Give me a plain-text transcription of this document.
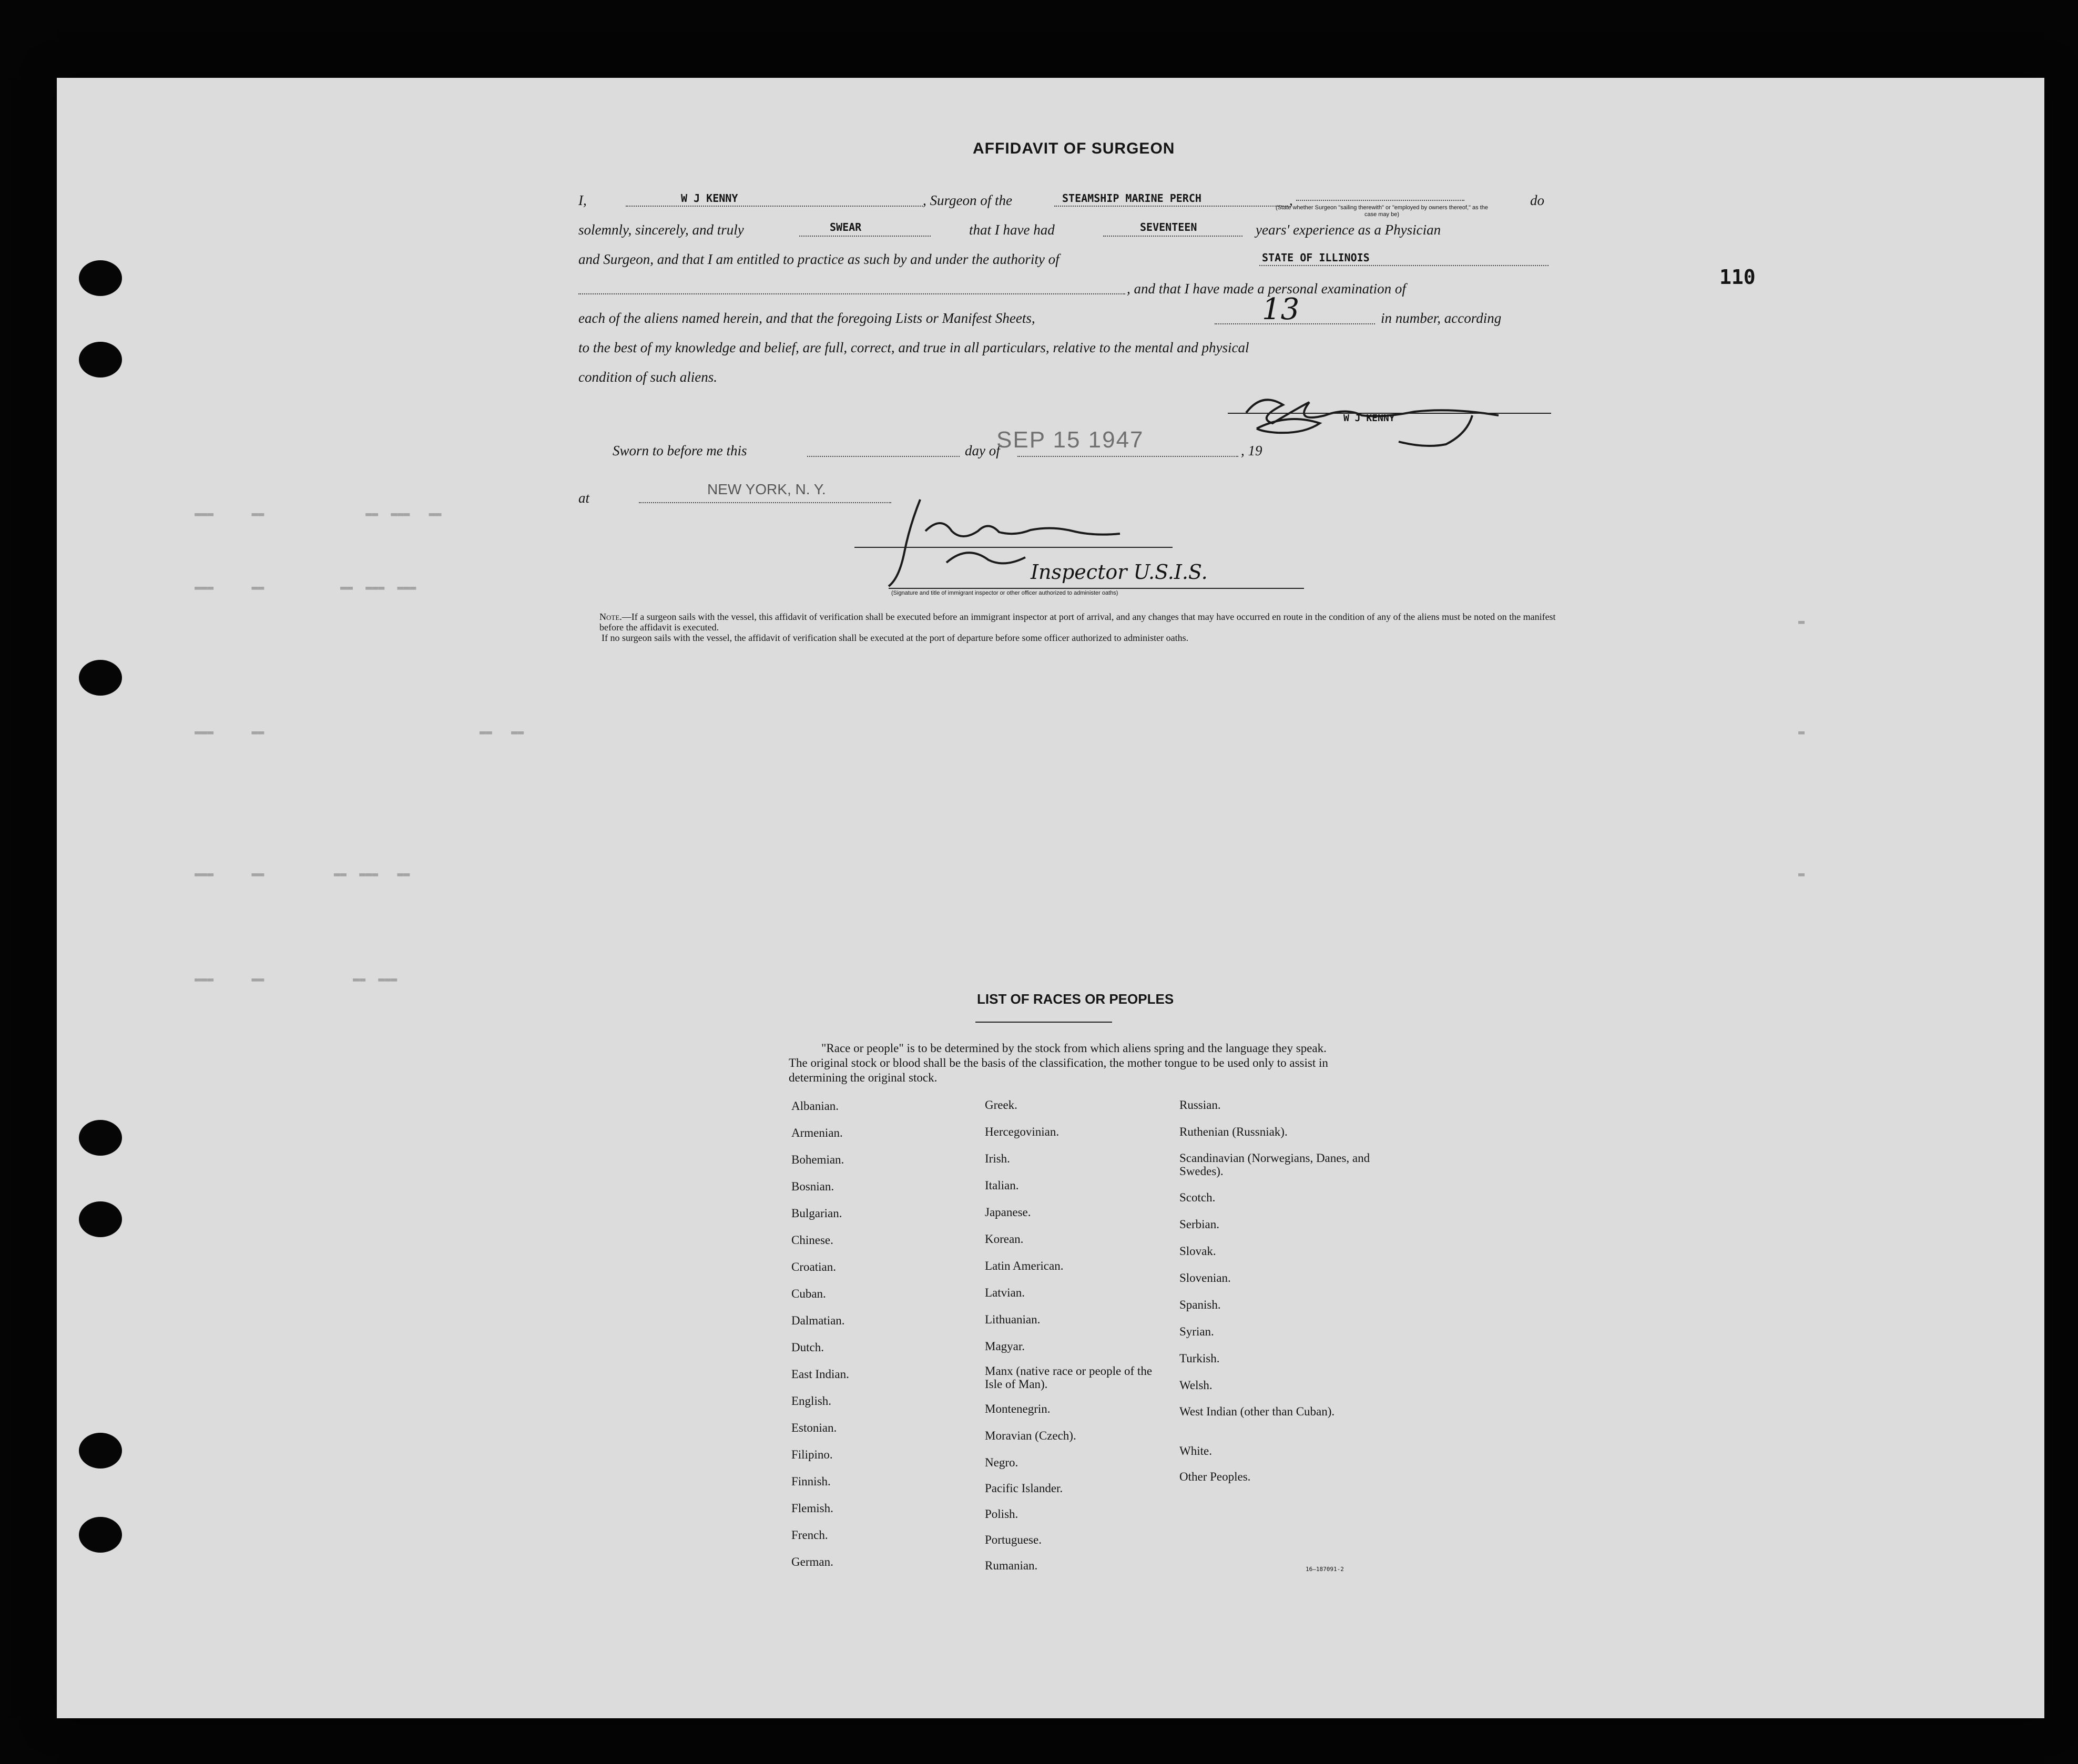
▬▬▬      ▬▬                ▬▬  ▬▬▬   ▬▬
▬▬▬      ▬▬            ▬▬  ▬▬▬  ▬▬▬
▬▬▬      ▬▬                                  ▬▬   ▬▬
▬▬▬      ▬▬           ▬▬  ▬▬▬   ▬▬
▬▬▬      ▬▬              ▬▬  ▬▬▬
▬
▬
▬
AFFIDAVIT OF SURGEON
110
I,	W J KENNY	, Surgeon of the	STEAMSHIP MARINE PERCH	,
(State whether Surgeon "sailing therewith" or "employed by owners thereof," as the case may be)
do
solemnly, sincerely, and truly	SWEAR	that I have had	SEVENTEEN	years' experience as a Physician
and Surgeon, and that I am entitled to practice as such by and under the authority of	STATE OF ILLINOIS
, and that I have made a personal examination of
each of the aliens named herein, and that the foregoing Lists or Manifest Sheets,	13	in number, according
to the best of my knowledge and belief, are full, correct, and true in all particulars, relative to the mental and physical
condition of such aliens.
W J KENNY
Sworn to before me this	day of
SEP 15 1947	, 19
at
NEW YORK, N. Y.
Inspector U.S.I.S.
(Signature and title of immigrant inspector or other officer authorized to administer oaths)

Note.—If a surgeon sails with the vessel, this affidavit of verification shall be executed before an immigrant inspector at port of arrival, and any changes that may have occurred en route in the condition of any of the aliens must be noted on the manifest before the affidavit is executed.

If no surgeon sails with the vessel, the affidavit of verification shall be executed at the port of departure before some officer authorized to administer oaths.

LIST OF RACES OR PEOPLES
"Race or people" is to be determined by the stock from which aliens spring and the language they speak. The original stock or blood shall be the basis of the classification, the mother tongue to be used only to assist in determining the original stock.
Albanian.
Armenian.
Bohemian.
Bosnian.
Bulgarian.
Chinese.
Croatian.
Cuban.
Dalmatian.
Dutch.
East Indian.
English.
Estonian.
Filipino.
Finnish.
Flemish.
French.
German.
Greek.
Hercegovinian.
Irish.
Italian.
Japanese.
Korean.
Latin American.
Latvian.
Lithuanian.
Magyar.
Manx (native race or people of the Isle of Man).
Montenegrin.
Moravian (Czech).
Negro.
Pacific Islander.
Polish.
Portuguese.
Rumanian.
Russian.
Ruthenian (Russniak).
Scandinavian (Norwegians, Danes, and Swedes).
Scotch.
Serbian.
Slovak.
Slovenian.
Spanish.
Syrian.
Turkish.
Welsh.
West Indian (other than Cuban).
White.
Other Peoples.
16—187091-2
